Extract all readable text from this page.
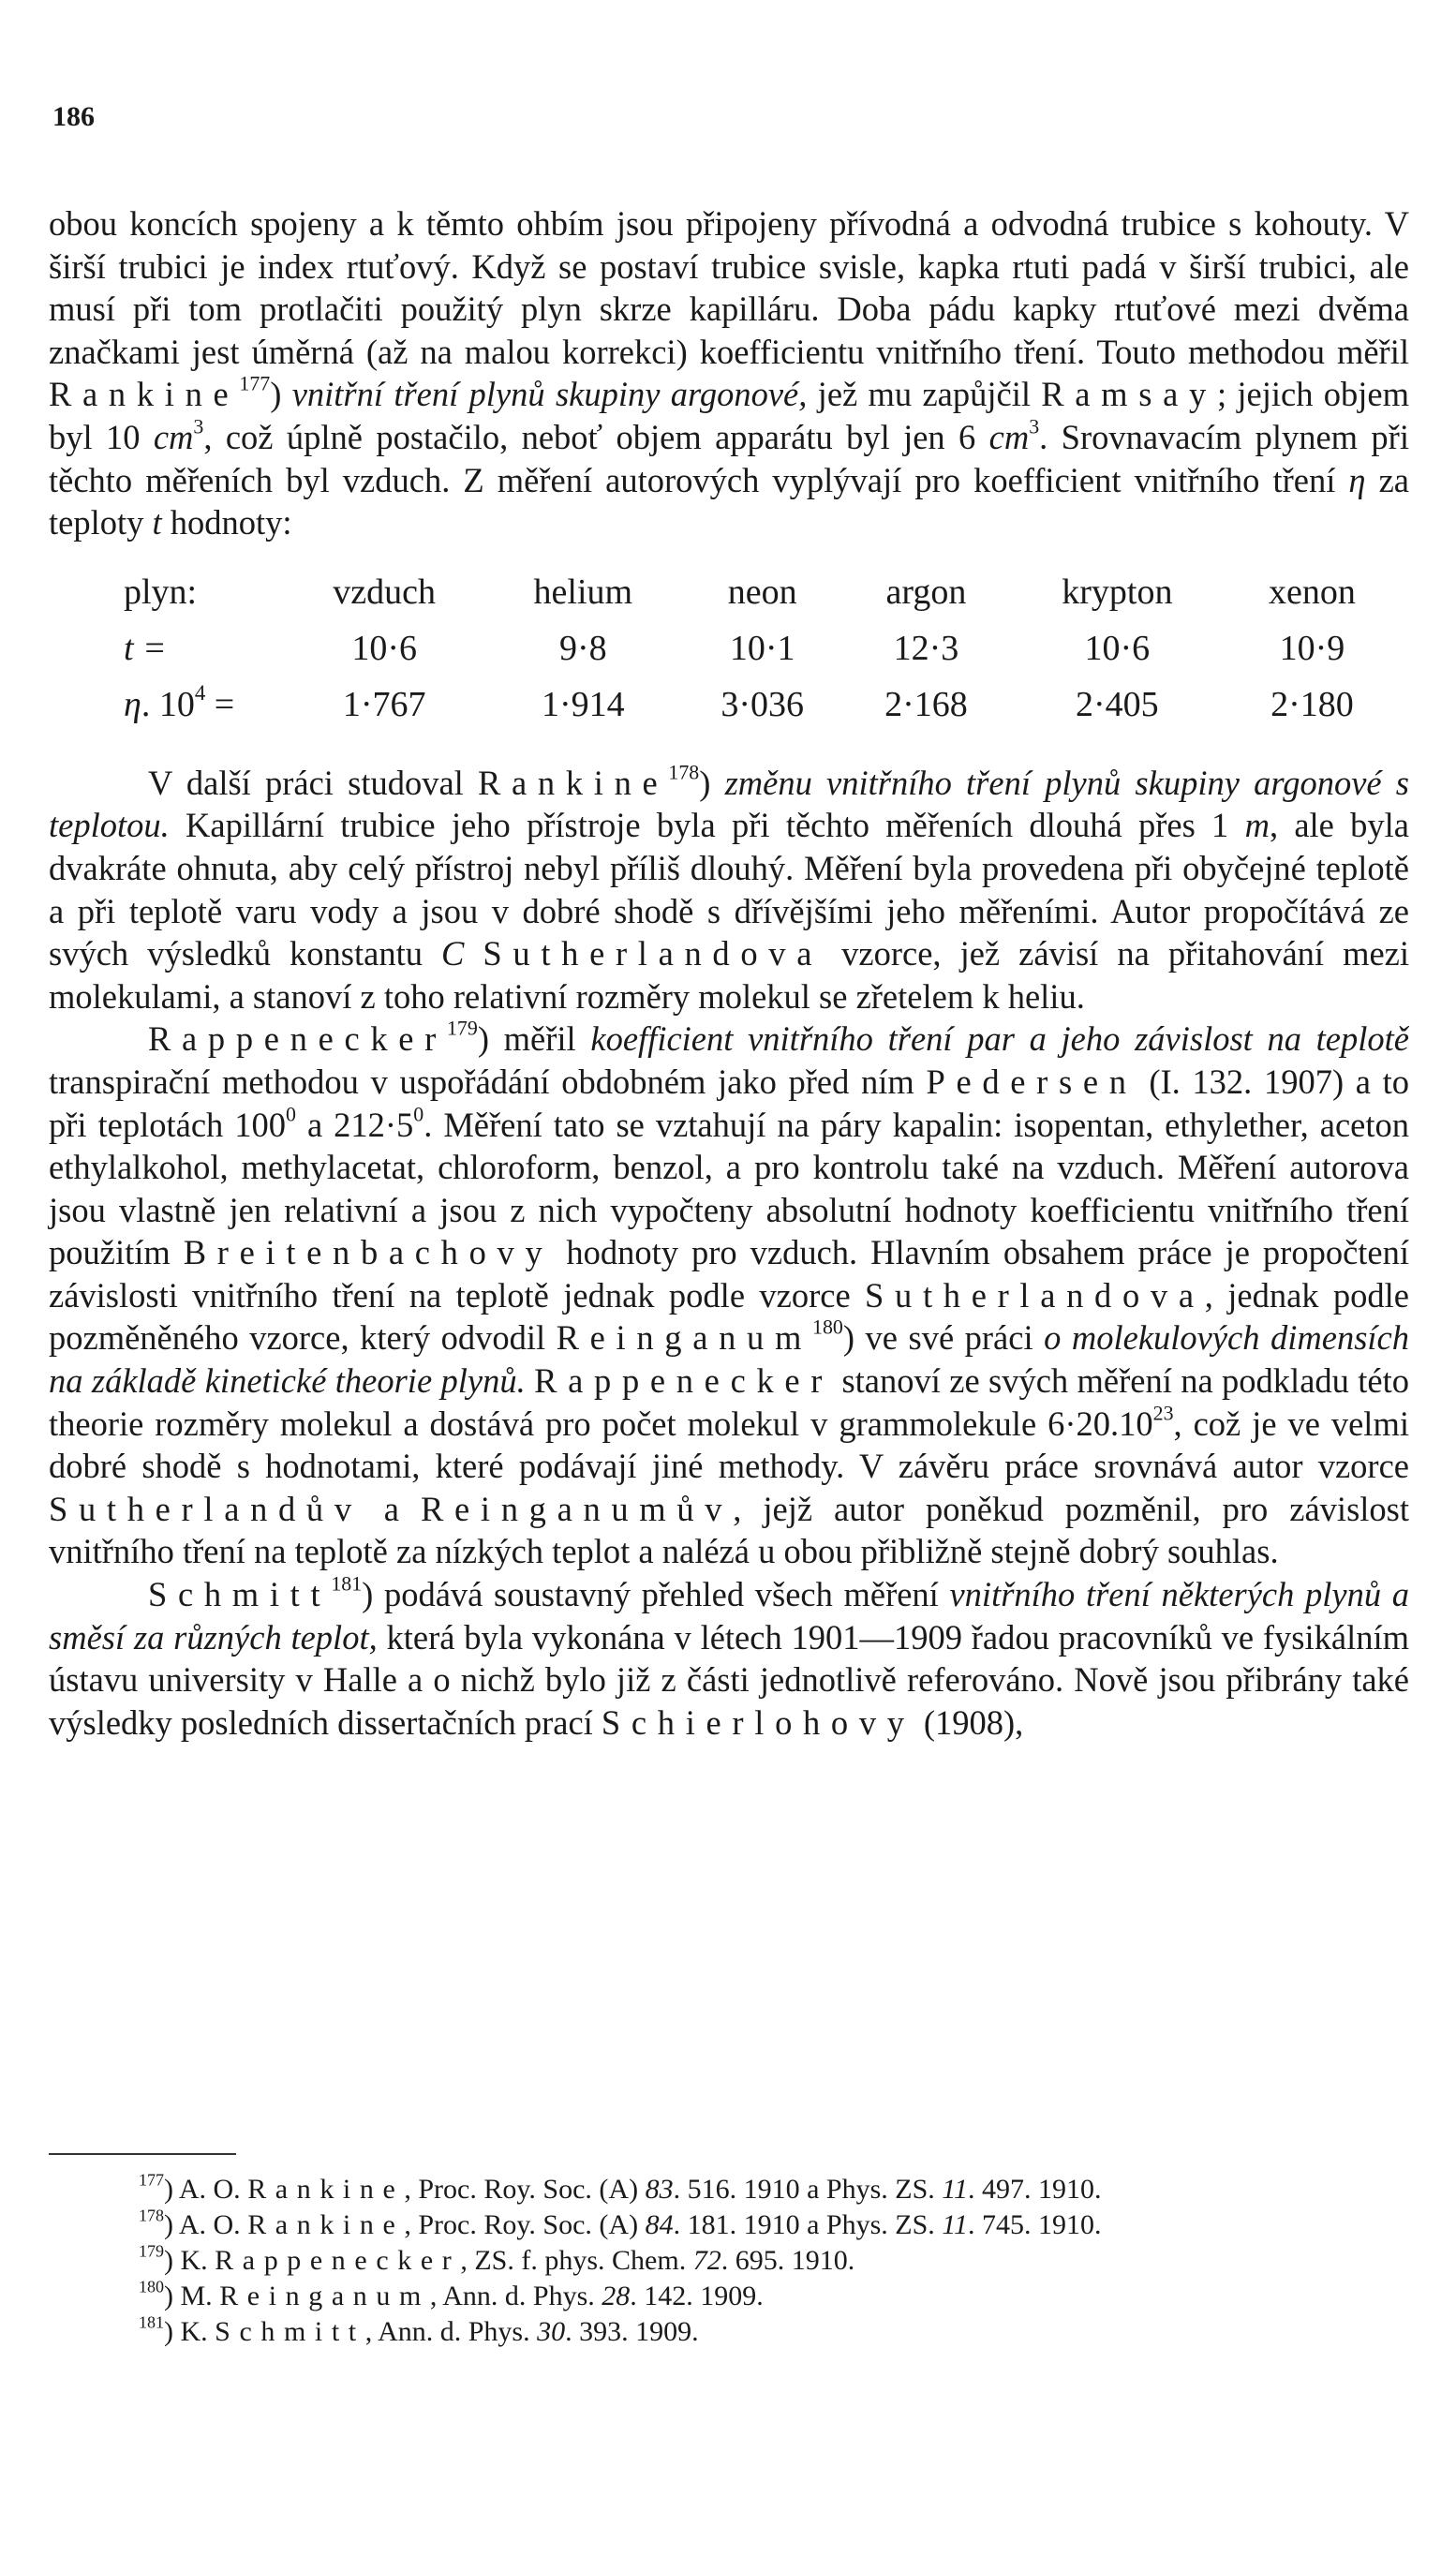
186

obou koncích spojeny a k těmto ohbím jsou připojeny přívodná a odvodná trubice s kohouty. V širší trubici je index rtuťový. Když se postaví trubice svisle, kapka rtuti padá v širší trubici, ale musí při tom protlačiti použitý plyn skrze kapilláru. Doba pádu kapky rtuťové mezi dvěma značkami jest úměrná (až na malou korrekci) koefficientu vnitřního tření. Touto methodou měřil Rankine$^{177}$) vnitřní tření plynů skupiny argonové, jež mu zapůjčil Ramsay; jejich objem byl 10 $cm^3$, což úplně postačilo, neboť objem apparátu byl jen 6 $cm^3$. Srovnavacím plynem při těchto měřeních byl vzduch. Z měření autorových vyplývají pro koefficient vnitřního tření η za teploty t hodnoty:

plyn:	vzduch	helium	neon	argon	krypton	xenon
t =	10·6	9·8	10·1	12·3	10·6	10·9
η. $10^4$ =	1·767	1·914	3·036	2·168	2·405	2·180

V další práci studoval Rankine$^{178}$) změnu vnitřního tření plynů skupiny argonové s teplotou. Kapillární trubice jeho přístroje byla při těchto měřeních dlouhá přes 1 m, ale byla dvakráte ohnuta, aby celý přístroj nebyl příliš dlouhý. Měření byla provedena při obyčejné teplotě a při teplotě varu vody a jsou v dobré shodě s dřívějšími jeho měřeními. Autor propočítává ze svých výsledků konstantu C Sutherlandova vzorce, jež závisí na přitahování mezi molekulami, a stanoví z toho relativní rozměry molekul se zřetelem k heliu.

Rappenecker$^{179}$) měřil koefficient vnitřního tření par a jeho závislost na teplotě transpirační methodou v uspořádání obdobném jako před ním Pedersen (I. 132. 1907) a to při teplotách $100^0$ a $212\cdot 5^0$. Měření tato se vztahují na páry kapalin: isopentan, ethylether, aceton ethylalkohol, methylacetat, chloroform, benzol, a pro kontrolu také na vzduch. Měření autorova jsou vlastně jen relativní a jsou z nich vypočteny absolutní hodnoty koefficientu vnitřního tření použitím Breitenbachovy hodnoty pro vzduch. Hlavním obsahem práce je propočtení závislosti vnitřního tření na teplotě jednak podle vzorce Sutherlandova, jednak podle pozměněného vzorce, který odvodil Reinganum$^{180}$) ve své práci o molekulových dimensích na základě kinetické theorie plynů. Rappenecker stanoví ze svých měření na podkladu této theorie rozměry molekul a dostává pro počet molekul v grammolekule $6\cdot 20.10^{23}$, což je ve velmi dobré shodě s hodnotami, které podávají jiné methody. V závěru práce srovnává autor vzorce Sutherlandův a Reinganumův, jejž autor poněkud pozměnil, pro závislost vnitřního tření na teplotě za nízkých teplot a nalézá u obou přibližně stejně dobrý souhlas.

Schmitt$^{181}$) podává soustavný přehled všech měření vnitřního tření některých plynů a směsí za různých teplot, která byla vykonána v létech 1901—1909 řadou pracovníků ve fysikálním ústavu university v Halle a o nichž bylo již z části jednotlivě referováno. Nově jsou přibrány také výsledky posledních dissertačních prací Schierlohovy (1908),

$^{177}$) A. O. Rankine, Proc. Roy. Soc. (A) 83. 516. 1910 a Phys. ZS. 11. 497. 1910.

$^{178}$) A. O. Rankine, Proc. Roy. Soc. (A) 84. 181. 1910 a Phys. ZS. 11. 745. 1910.

$^{179}$) K. Rappenecker, ZS. f. phys. Chem. 72. 695. 1910.

$^{180}$) M. Reinganum, Ann. d. Phys. 28. 142. 1909.

$^{181}$) K. Schmitt, Ann. d. Phys. 30. 393. 1909.
